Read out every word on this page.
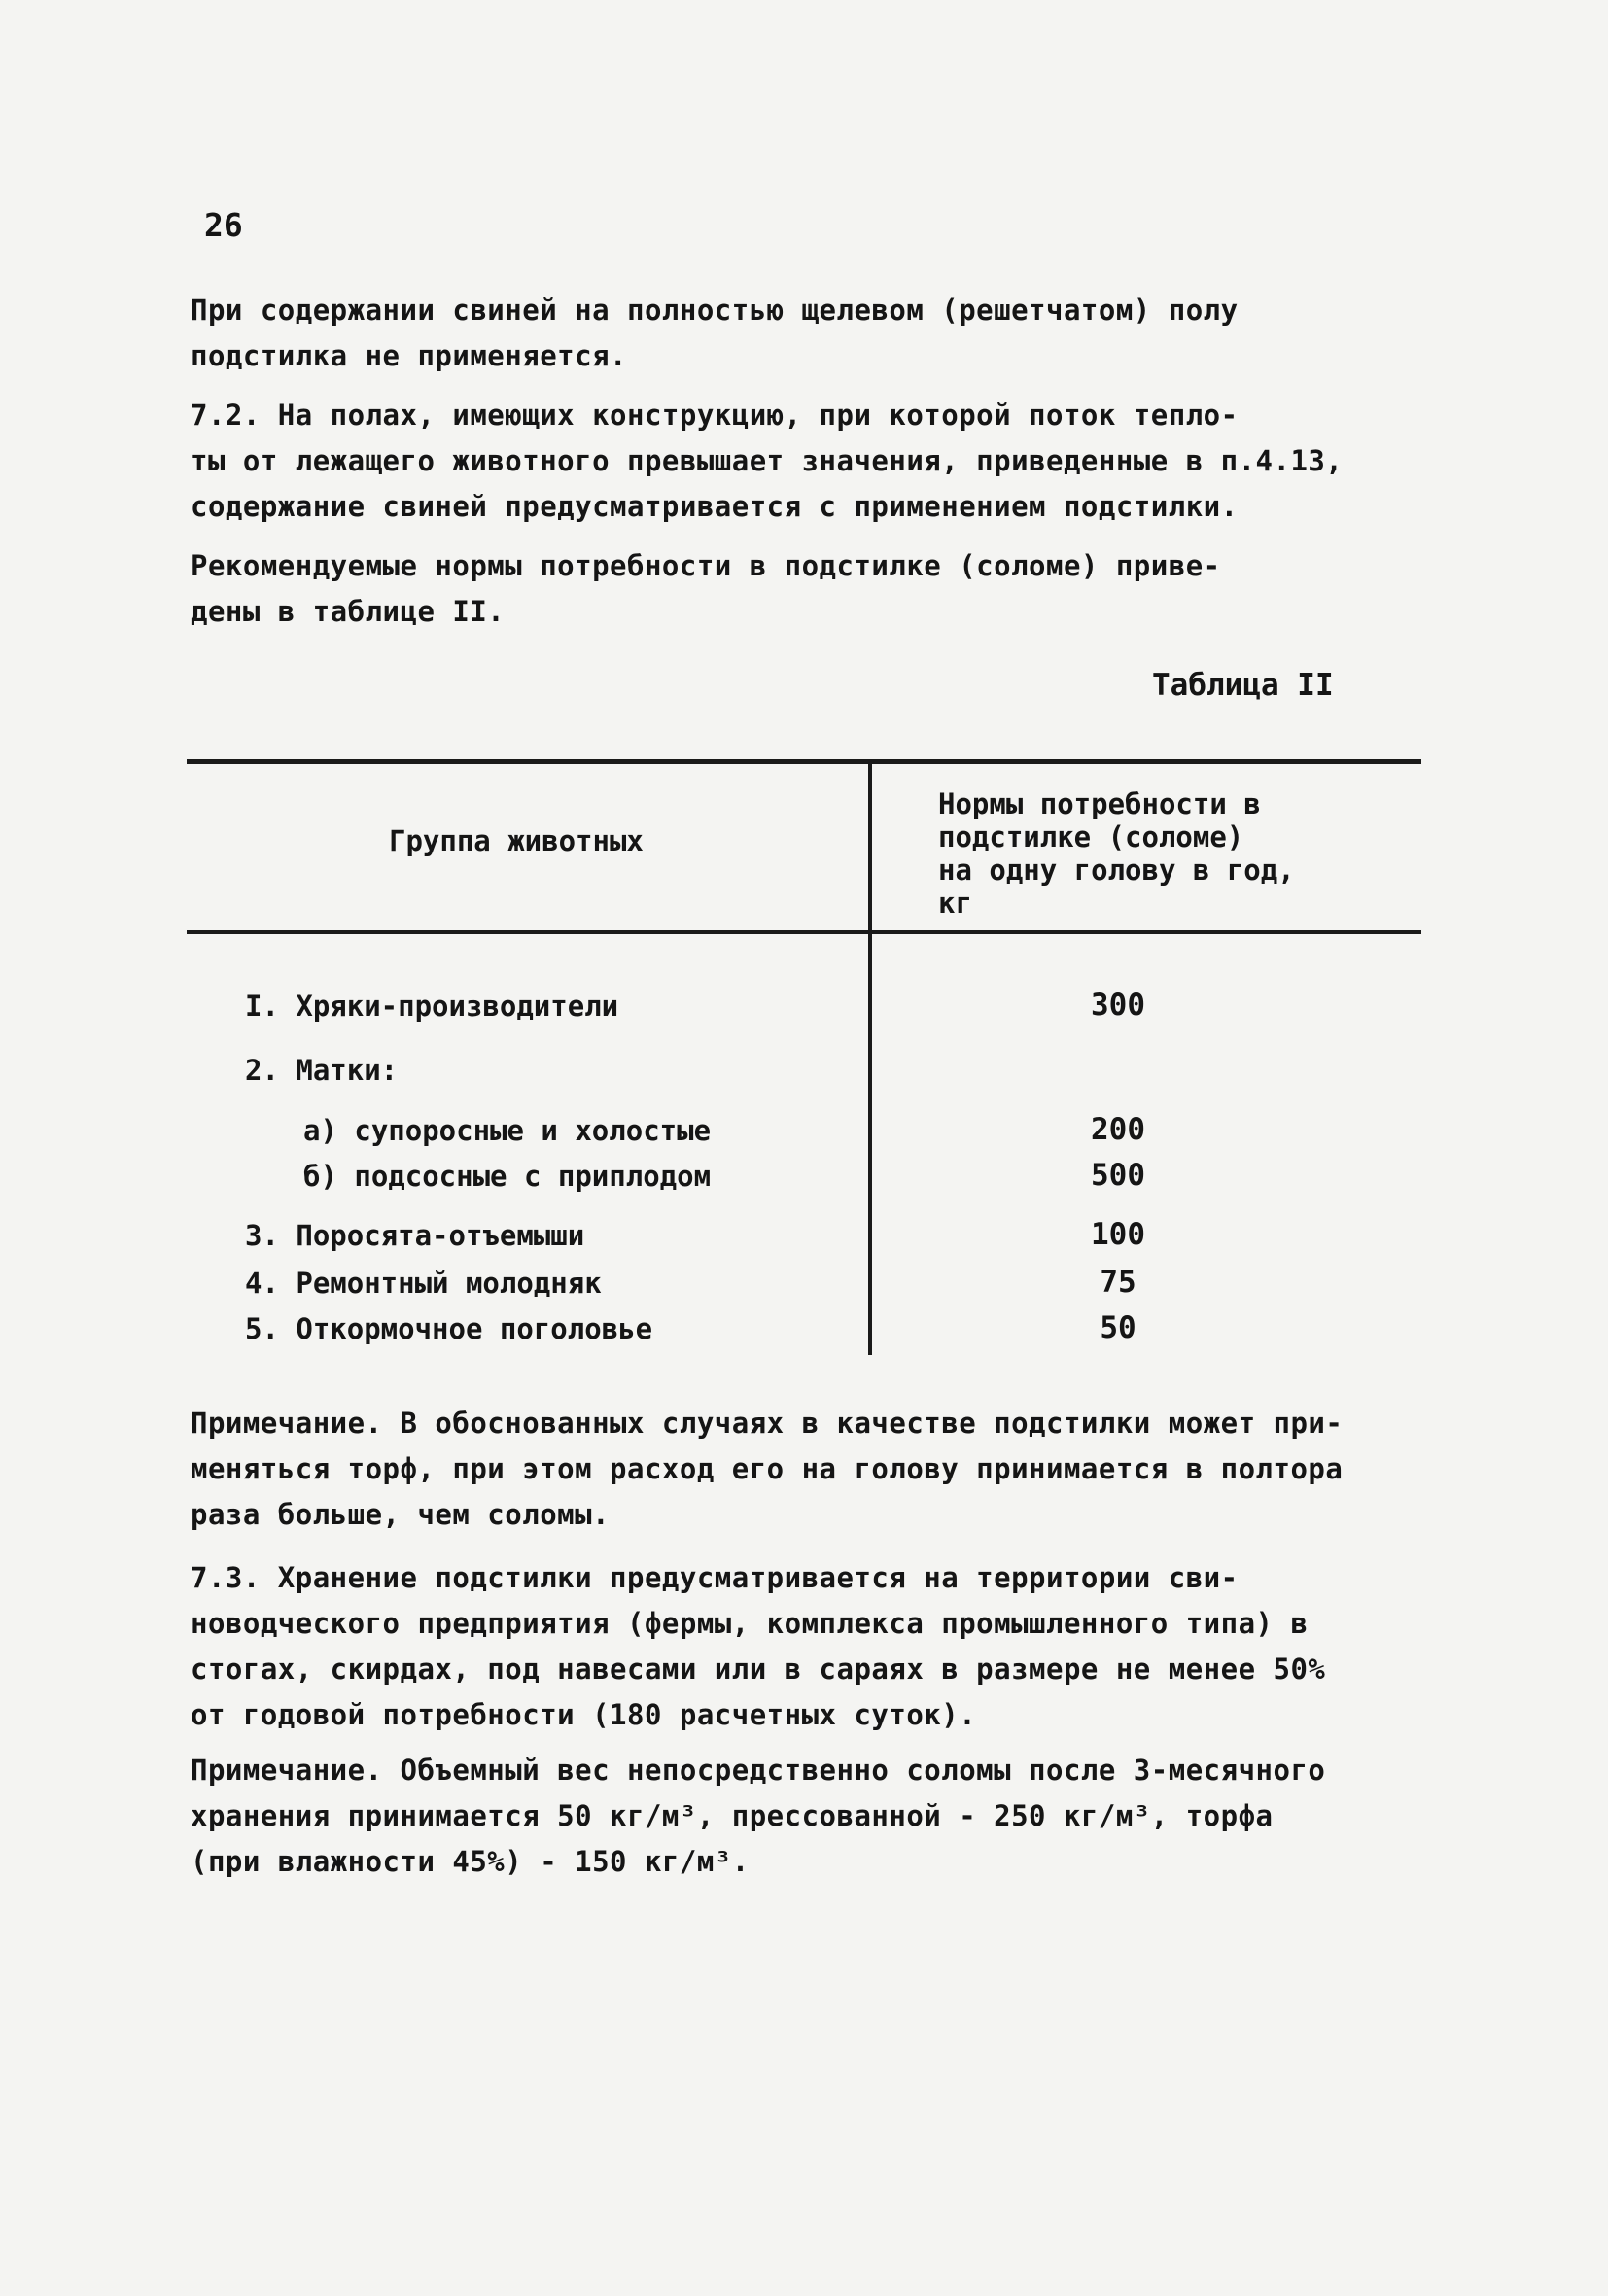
26

При содержании свиней на полностью щелевом (решетчатом) полу
подстилка не применяется.

7.2. На полах, имеющих конструкцию, при которой поток тепло-
ты от лежащего животного превышает значения, приведенные в п.4.13,
содержание свиней предусматривается с применением подстилки.

Рекомендуемые нормы потребности в подстилке (соломе) приве-
дены в таблице II.

Таблица II
Группа животных
Нормы потребности в
подстилке (соломе)
на одну голову в год,
кг
I. Хряки-производители	300
2. Матки:
а) супоросные и холостые	200
б) подсосные с приплодом	500
3. Поросята-отъемыши	100
4. Ремонтный молодняк	75
5. Откормочное поголовье	50

Примечание. В обоснованных случаях в качестве подстилки может при-
меняться торф, при этом расход его на голову принимается в полтора
раза больше, чем соломы.

7.3. Хранение подстилки предусматривается на территории сви-
новодческого предприятия (фермы, комплекса промышленного типа) в
стогах, скирдах, под навесами или в сараях в размере не менее 50%
от годовой потребности (180 расчетных суток).

Примечание. Объемный вес непосредственно соломы после 3-месячного
хранения принимается 50 кг/м³, прессованной - 250 кг/м³, торфа
(при влажности 45%) - 150 кг/м³.
